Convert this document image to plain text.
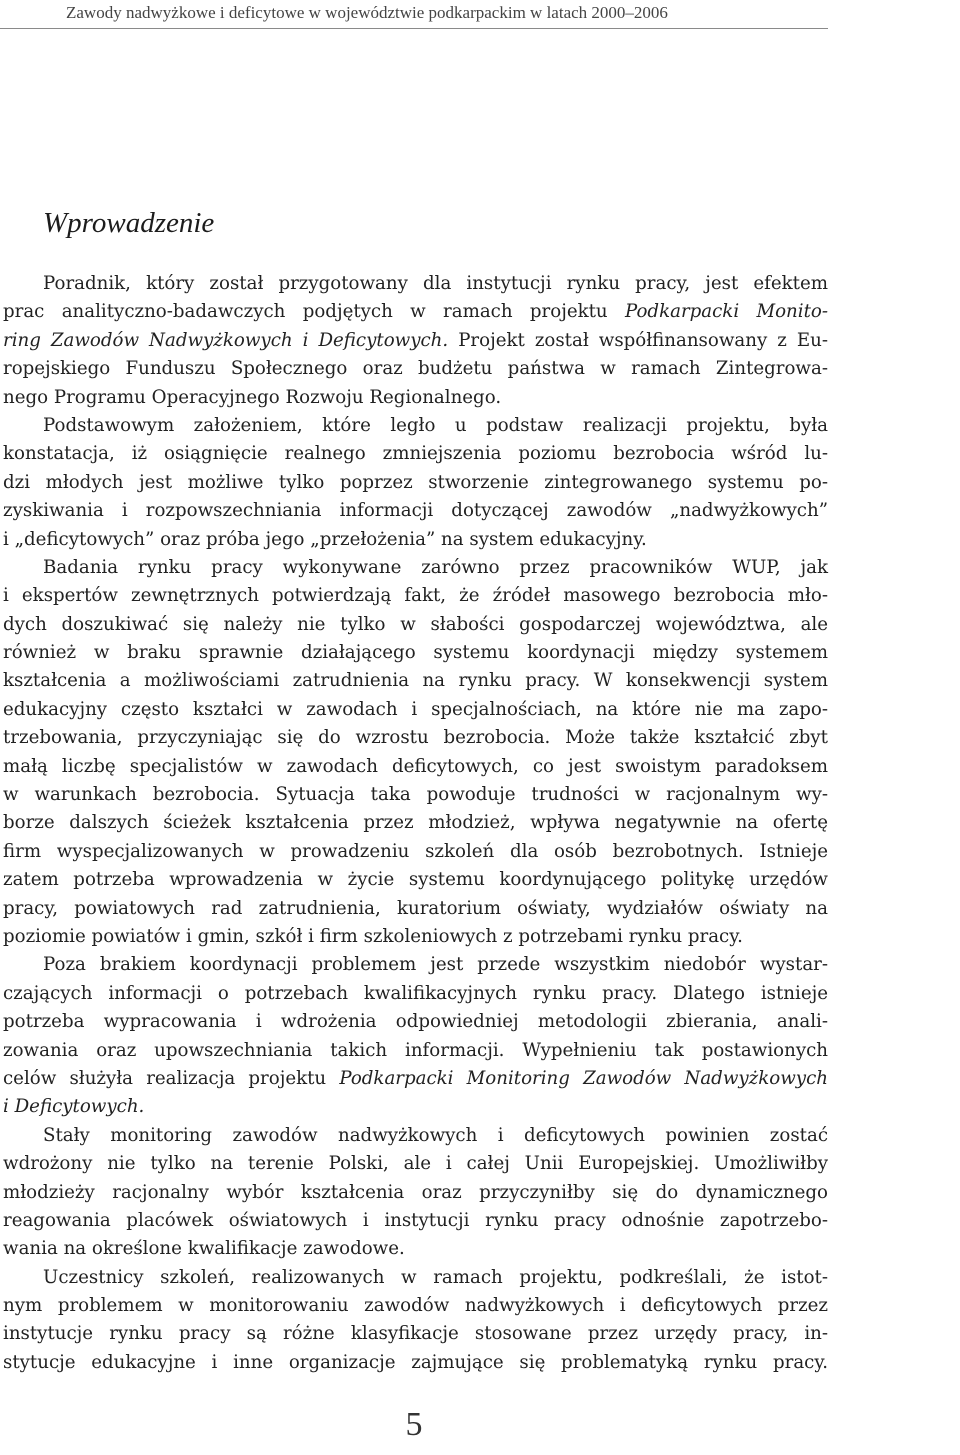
Zawody nadwyżkowe i deficytowe w województwie podkarpackim w latach 2000–2006
Wprowadzenie

Poradnik, który został przygotowany dla instytucji rynku pracy, jest efektem

prac analityczno-badawczych podjętych w ramach projektu Podkarpacki Monito-

ring Zawodów Nadwyżkowych i Deficytowych. Projekt został współfinansowany z Eu-

ropejskiego Funduszu Społecznego oraz budżetu państwa w ramach Zintegrowa-

nego Programu Operacyjnego Rozwoju Regionalnego.

Podstawowym założeniem, które legło u podstaw realizacji projektu, była

konstatacja, iż osiągnięcie realnego zmniejszenia poziomu bezrobocia wśród lu-

dzi młodych jest możliwe tylko poprzez stworzenie zintegrowanego systemu po-

zyskiwania i rozpowszechniania informacji dotyczącej zawodów „nadwyżkowych”

i „deficytowych” oraz próba jego „przełożenia” na system edukacyjny.

Badania rynku pracy wykonywane zarówno przez pracowników WUP, jak

i ekspertów zewnętrznych potwierdzają fakt, że źródeł masowego bezrobocia mło-

dych doszukiwać się należy nie tylko w słabości gospodarczej województwa, ale

również w braku sprawnie działającego systemu koordynacji między systemem

kształcenia a możliwościami zatrudnienia na rynku pracy. W konsekwencji system

edukacyjny często kształci w zawodach i specjalnościach, na które nie ma zapo-

trzebowania, przyczyniając się do wzrostu bezrobocia. Może także kształcić zbyt

małą liczbę specjalistów w zawodach deficytowych, co jest swoistym paradoksem

w warunkach bezrobocia. Sytuacja taka powoduje trudności w racjonalnym wy-

borze dalszych ścieżek kształcenia przez młodzież, wpływa negatywnie na ofertę

firm wyspecjalizowanych w prowadzeniu szkoleń dla osób bezrobotnych. Istnieje

zatem potrzeba wprowadzenia w życie systemu koordynującego politykę urzędów

pracy, powiatowych rad zatrudnienia, kuratorium oświaty, wydziałów oświaty na

poziomie powiatów i gmin, szkół i firm szkoleniowych z potrzebami rynku pracy.

Poza brakiem koordynacji problemem jest przede wszystkim niedobór wystar-

czających informacji o potrzebach kwalifikacyjnych rynku pracy. Dlatego istnieje

potrzeba wypracowania i wdrożenia odpowiedniej metodologii zbierania, anali-

zowania oraz upowszechniania takich informacji. Wypełnieniu tak postawionych

celów służyła realizacja projektu Podkarpacki Monitoring Zawodów Nadwyżkowych

i Deficytowych.

Stały monitoring zawodów nadwyżkowych i deficytowych powinien zostać

wdrożony nie tylko na terenie Polski, ale i całej Unii Europejskiej. Umożliwiłby

młodzieży racjonalny wybór kształcenia oraz przyczyniłby się do dynamicznego

reagowania placówek oświatowych i instytucji rynku pracy odnośnie zapotrzebo-

wania na określone kwalifikacje zawodowe.

Uczestnicy szkoleń, realizowanych w ramach projektu, podkreślali, że istot-

nym problemem w monitorowaniu zawodów nadwyżkowych i deficytowych przez

instytucje rynku pracy są różne klasyfikacje stosowane przez urzędy pracy, in-

stytucje edukacyjne i inne organizacje zajmujące się problematyką rynku pracy.

5
